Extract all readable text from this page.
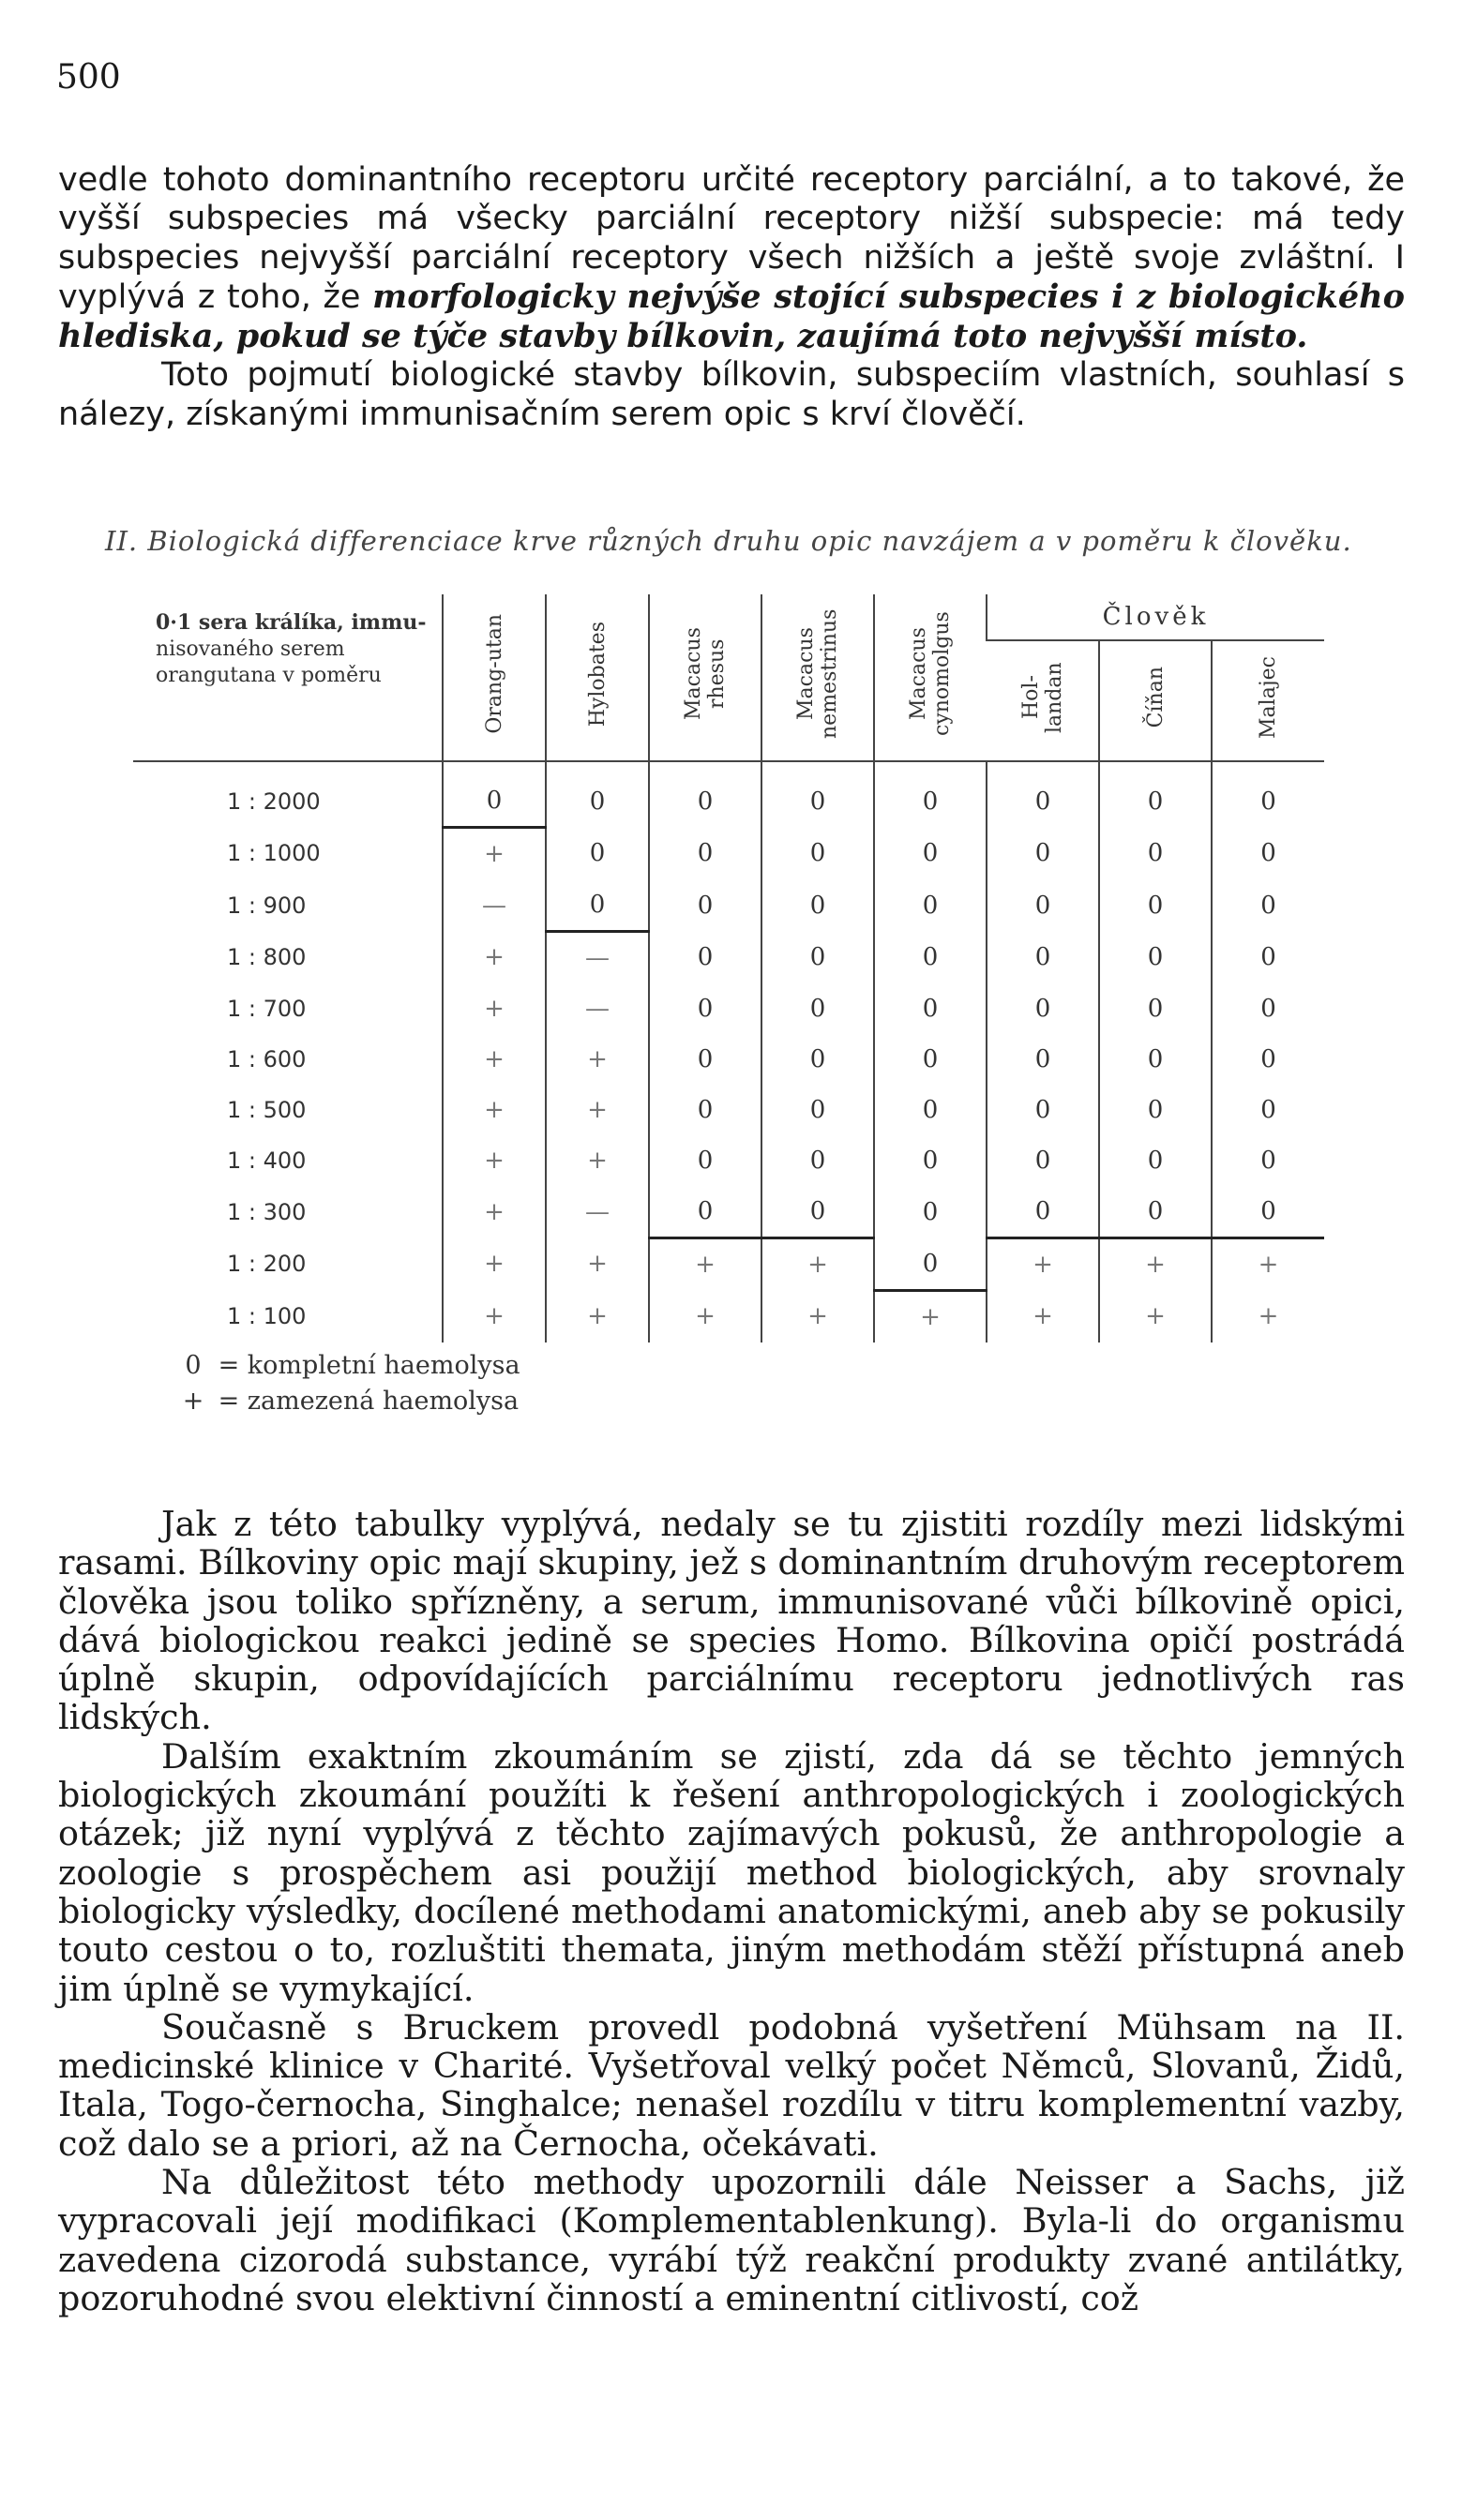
500

vedle tohoto dominantního receptoru určité receptory parciální, a to takové, že vyšší subspecies má všecky parciální receptory nižší subspecie: má tedy subspecies nejvyšší parciální receptory všech nižších a ještě svoje zvláštní. I vyplývá z toho, že morfologicky nejvýše stojící subspecies i z biologického hlediska, pokud se týče stavby bílkovin, zaujímá toto nejvyšší místo.

Toto pojmutí biologické stavby bílkovin, subspeciím vlastních, souhlasí s nálezy, získanými immunisačním serem opic s krví člověčí.

II. Biologická differenciace krve různých druhu opic navzájem a v poměru k člověku.
0·1 sera králíka, immu-
nisovaného serem orangutana v poměru	Orang-utan	Hylobates	Macacus rhesus	Macacus nemestrinus	Macacus cynomolgus	Člověk		
						Hol-landan	Číňan	Malajec
1 : 2000	0	0	0	0	0	0	0	0
1 : 1000	+	0	0	0	0	0	0	0
1 : 900	—	0	0	0	0	0	0	0
1 : 800	+	—	0	0	0	0	0	0
1 : 700	+	—	0	0	0	0	0	0
1 : 600	+	+	0	0	0	0	0	0
1 : 500	+	+	0	0	0	0	0	0
1 : 400	+	+	0	0	0	0	0	0
1 : 300	+	—	0	0	0	0	0	0
1 : 200	+	+	+	+	0	+	+	+
1 : 100	+	+	+	+	+	+	+	+
0 = kompletní haemolysa
+ = zamezená haemolysa

Jak z této tabulky vyplývá, nedaly se tu zjistiti rozdíly mezi lidskými rasami. Bílkoviny opic mají skupiny, jež s dominantním druhovým receptorem člověka jsou toliko spřízněny, a serum, immunisované vůči bílkovině opici, dává biologickou reakci jedině se species Homo. Bílkovina opičí postrádá úplně skupin, odpovídajících parciálnímu receptoru jednotlivých ras lidských.

Dalším exaktním zkoumáním se zjistí, zda dá se těchto jemných biologických zkoumání použíti k řešení anthropologických i zoologických otázek; již nyní vyplývá z těchto zajímavých pokusů, že anthropologie a zoologie s prospěchem asi použijí method biologických, aby srovnaly biologicky výsledky, docílené methodami anatomickými, aneb aby se pokusily touto cestou o to, rozluštiti themata, jiným methodám stěží přístupná aneb jim úplně se vymykající.

Současně s Bruckem provedl podobná vyšetření Mühsam na II. medicinské klinice v Charité. Vyšetřoval velký počet Němců, Slovanů, Židů, Itala, Togo-černocha, Singhalce; nenašel rozdílu v titru komplementní vazby, což dalo se a priori, až na Černocha, očekávati.

Na důležitost této methody upozornili dále Neisser a Sachs, již vypracovali její modifikaci (Komplementablenkung). Byla-li do organismu zavedena cizorodá substance, vyrábí týž reakční produkty zvané antilátky, pozoruhodné svou elektivní činností a eminentní citlivostí, což
